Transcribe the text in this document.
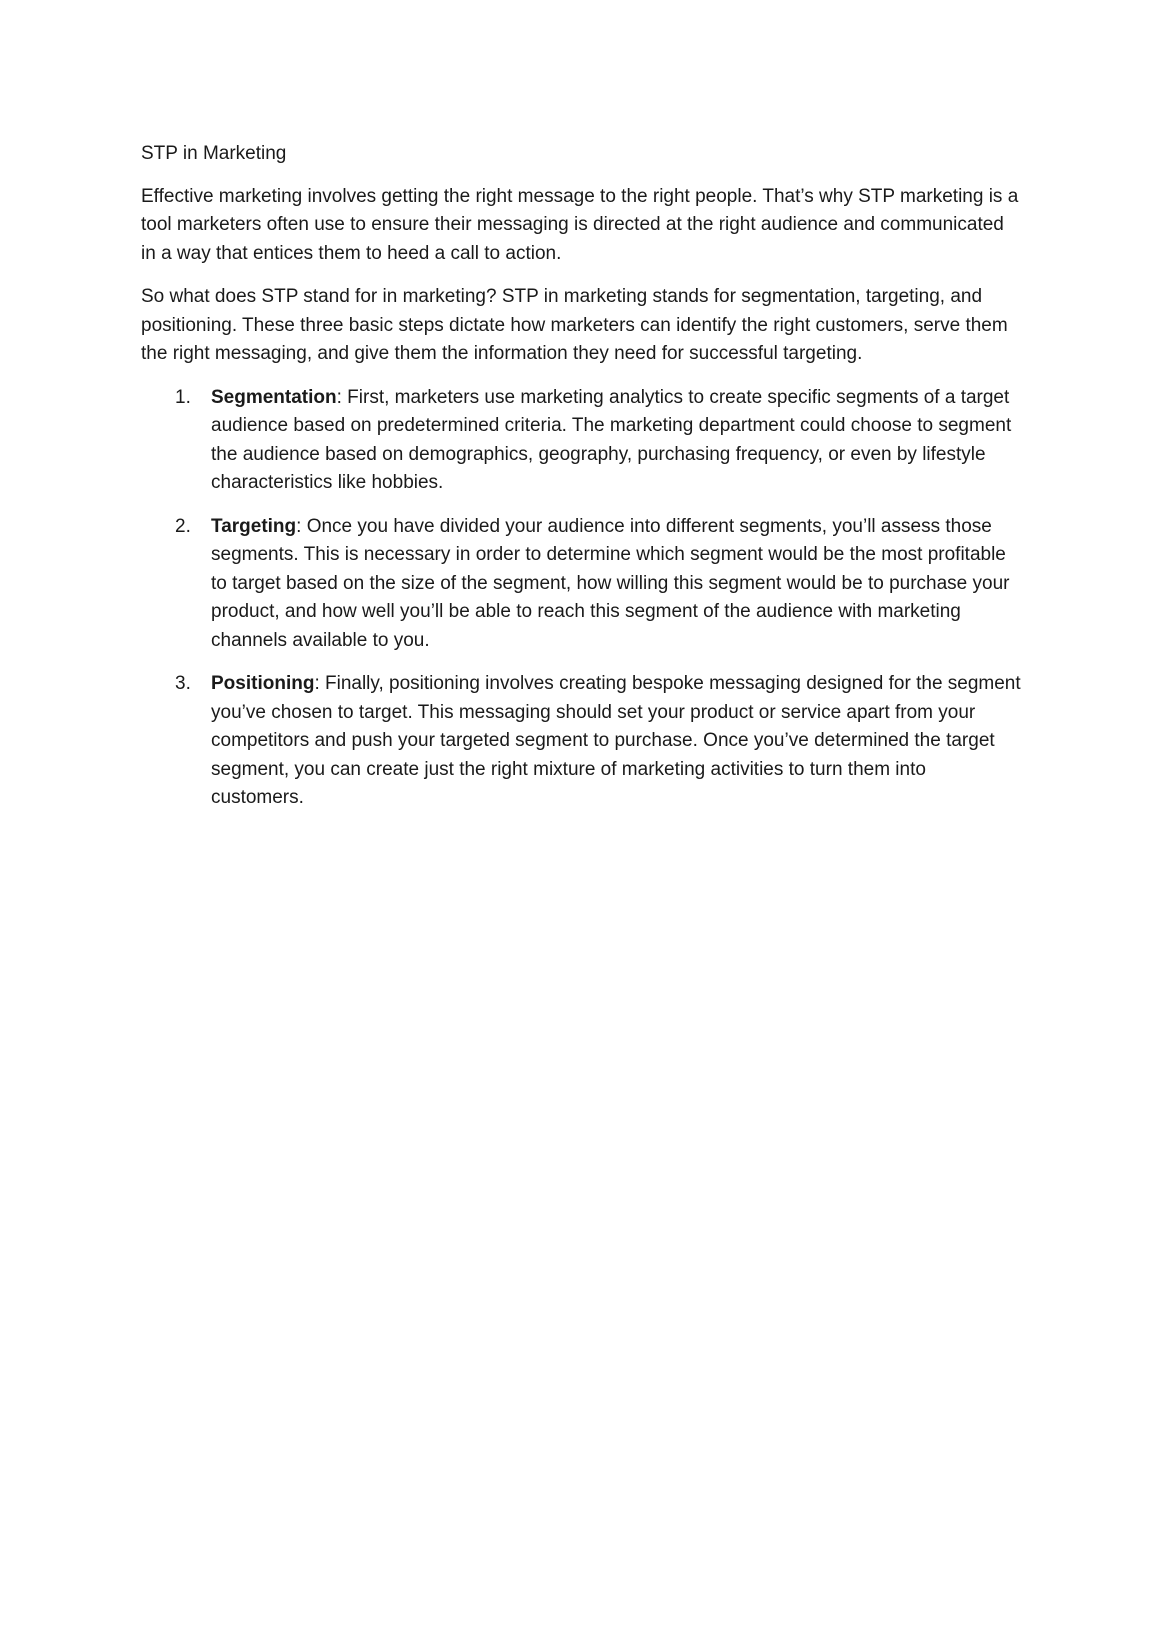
STP in Marketing

Effective marketing involves getting the right message to the right people. That’s why STP marketing is a tool marketers often use to ensure their messaging is directed at the right audience and communicated in a way that entices them to heed a call to action.

So what does STP stand for in marketing? STP in marketing stands for segmentation, targeting, and positioning. These three basic steps dictate how marketers can identify the right customers, serve them the right messaging, and give them the information they need for successful targeting.

1. Segmentation: First, marketers use marketing analytics to create specific segments of a target audience based on predetermined criteria. The marketing department could choose to segment the audience based on demographics, geography, purchasing frequency, or even by lifestyle characteristics like hobbies.
2. Targeting: Once you have divided your audience into different segments, you’ll assess those segments. This is necessary in order to determine which segment would be the most profitable to target based on the size of the segment, how willing this segment would be to purchase your product, and how well you’ll be able to reach this segment of the audience with marketing channels available to you.
3. Positioning: Finally, positioning involves creating bespoke messaging designed for the segment you’ve chosen to target. This messaging should set your product or service apart from your competitors and push your targeted segment to purchase. Once you’ve determined the target segment, you can create just the right mixture of marketing activities to turn them into customers.
